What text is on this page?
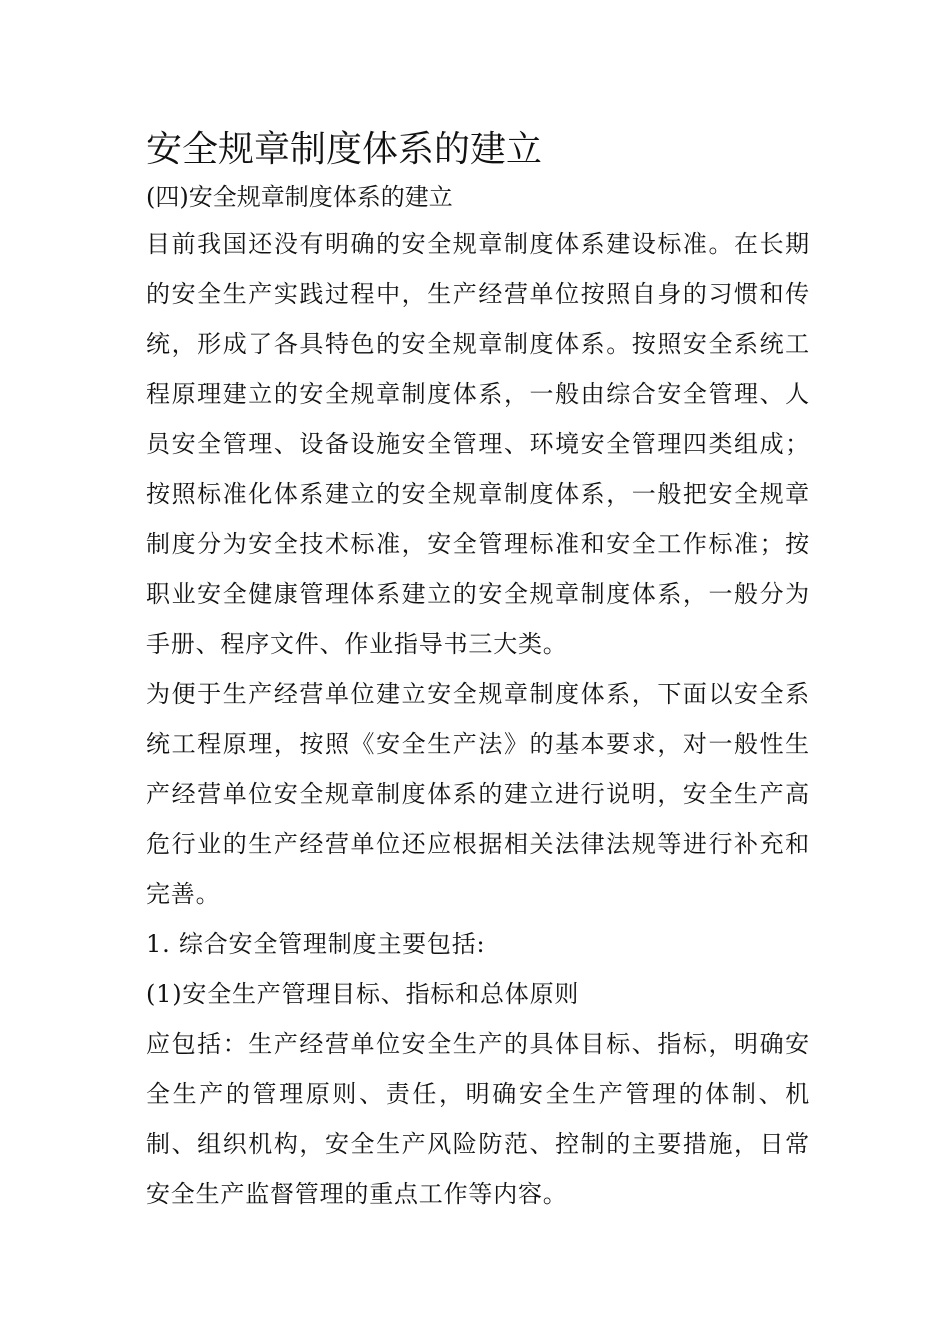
安全规章制度体系的建立

(四)安全规章制度体系的建立

目前我国还没有明确的安全规章制度体系建设标准。在长期的安全生产实践过程中，生产经营单位按照自身的习惯和传统，形成了各具特色的安全规章制度体系。按照安全系统工程原理建立的安全规章制度体系，一般由综合安全管理、人员安全管理、设备设施安全管理、环境安全管理四类组成；按照标准化体系建立的安全规章制度体系，一般把安全规章制度分为安全技术标准，安全管理标准和安全工作标准；按职业安全健康管理体系建立的安全规章制度体系，一般分为手册、程序文件、作业指导书三大类。

为便于生产经营单位建立安全规章制度体系，下面以安全系统工程原理，按照《安全生产法》的基本要求，对一般性生产经营单位安全规章制度体系的建立进行说明，安全生产高危行业的生产经营单位还应根据相关法律法规等进行补充和完善。

1. 综合安全管理制度主要包括:

(1)安全生产管理目标、指标和总体原则

应包括：生产经营单位安全生产的具体目标、指标，明确安全生产的管理原则、责任，明确安全生产管理的体制、机制、组织机构，安全生产风险防范、控制的主要措施，日常安全生产监督管理的重点工作等内容。
